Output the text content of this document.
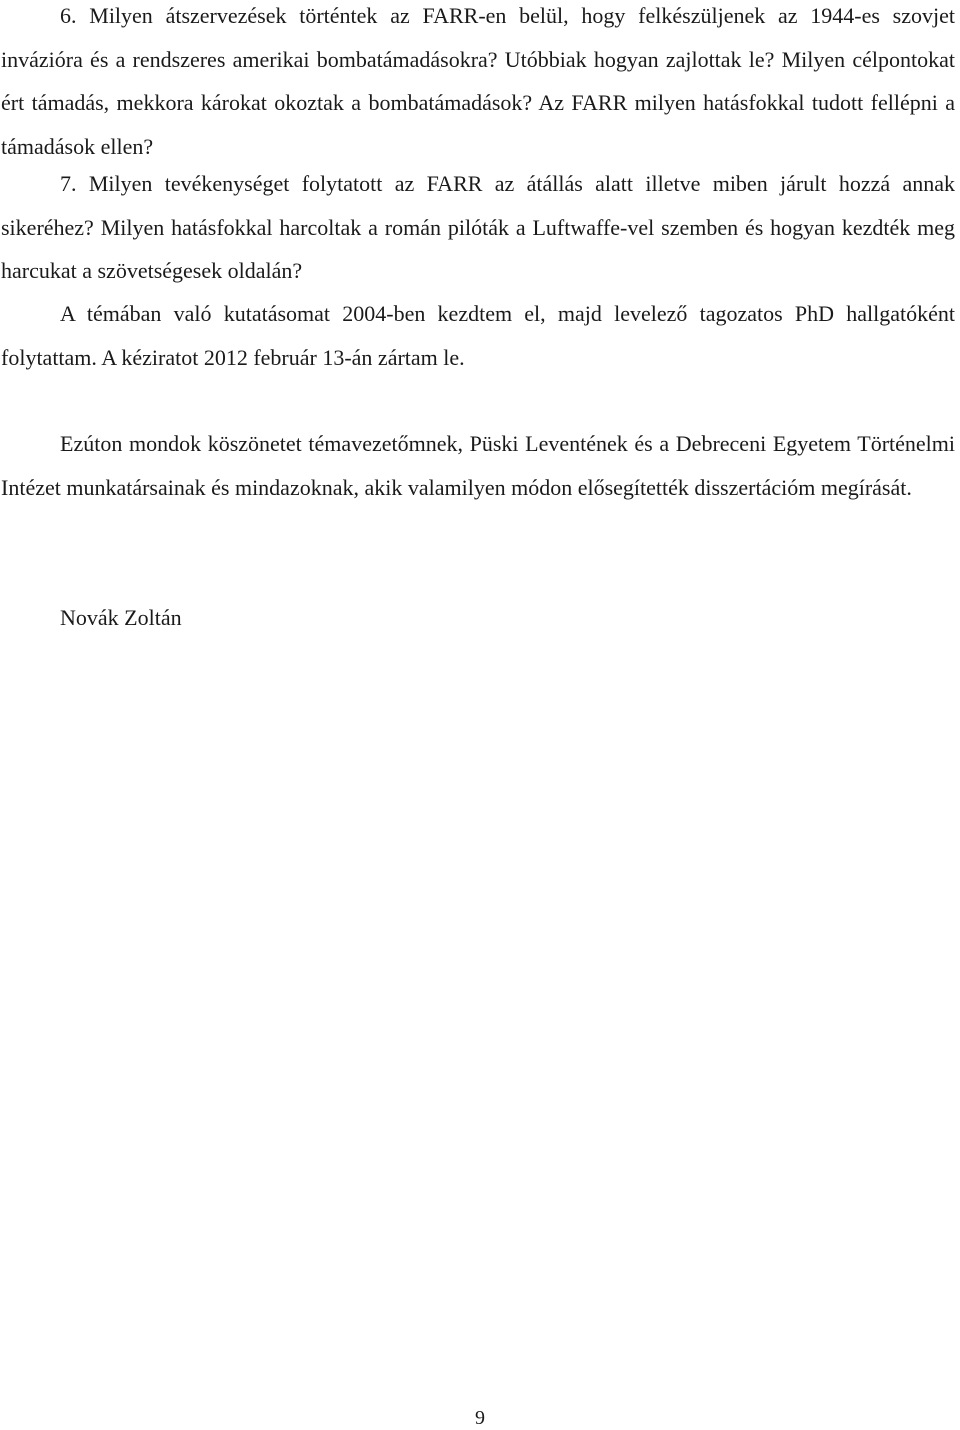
6. Milyen átszervezések történtek az FARR-en belül, hogy felkészüljenek az 1944-es szovjet invázióra és a rendszeres amerikai bombatámadásokra? Utóbbiak hogyan zajlottak le? Milyen célpontokat ért támadás, mekkora károkat okoztak a bombatámadások? Az FARR milyen hatásfokkal tudott fellépni a támadások ellen?

7. Milyen tevékenységet folytatott az FARR az átállás alatt illetve miben járult hozzá annak sikeréhez? Milyen hatásfokkal harcoltak a román pilóták a Luftwaffe-vel szemben és hogyan kezdték meg harcukat a szövetségesek oldalán?

A témában való kutatásomat 2004-ben kezdtem el, majd levelező tagozatos PhD hallgatóként folytattam. A kéziratot 2012 február 13-án zártam le.

Ezúton mondok köszönetet témavezetőmnek, Püski Leventének és a Debreceni Egyetem Történelmi Intézet munkatársainak és mindazoknak, akik valamilyen módon elősegítették disszertációm megírását.

Novák Zoltán

9
